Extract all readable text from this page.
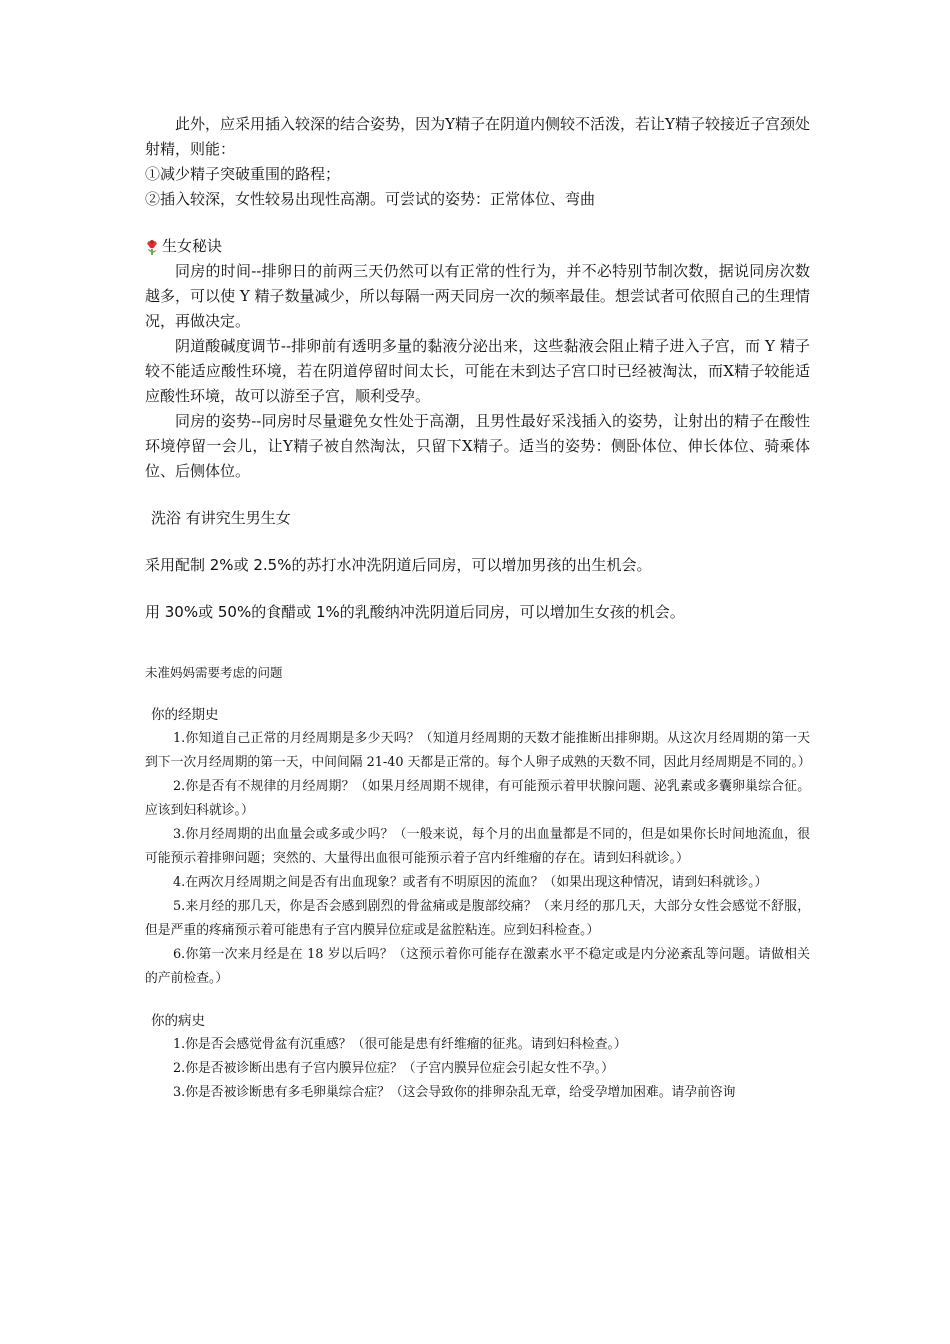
此外，应采用插入较深的结合姿势，因为Y精子在阴道内侧较不活泼，若让Y精子较接近子宫颈处射精，则能：

①减少精子突破重围的路程；

②插入较深，女性较易出现性高潮。可尝试的姿势：正常体位、弯曲

生女秘诀

同房的时间--排卵日的前两三天仍然可以有正常的性行为，并不必特别节制次数，据说同房次数越多，可以使 Y 精子数量减少，所以每隔一两天同房一次的频率最佳。想尝试者可依照自己的生理情况，再做决定。

阴道酸碱度调节--排卵前有透明多量的黏液分泌出来，这些黏液会阻止精子进入子宫，而 Y 精子较不能适应酸性环境，若在阴道停留时间太长，可能在未到达子宫口时已经被淘汰，而X精子较能适应酸性环境，故可以游至子宫，顺利受孕。

同房的姿势--同房时尽量避免女性处于高潮，且男性最好采浅插入的姿势，让射出的精子在酸性环境停留一会儿，让Y精子被自然淘汰，只留下X精子。适当的姿势：侧卧体位、伸长体位、骑乘体位、后侧体位。

洗浴 有讲究生男生女

采用配制 2%或 2.5%的苏打水冲洗阴道后同房，可以增加男孩的出生机会。

用 30%或 50%的食醋或 1%的乳酸纳冲洗阴道后同房，可以增加生女孩的机会。

未准妈妈需要考虑的问题

你的经期史

1.你知道自己正常的月经周期是多少天吗？（知道月经周期的天数才能推断出排卵期。从这次月经周期的第一天到下一次月经周期的第一天，中间间隔 21-40 天都是正常的。每个人卵子成熟的天数不同，因此月经周期是不同的。）

2.你是否有不规律的月经周期？（如果月经周期不规律，有可能预示着甲状腺问题、泌乳素或多囊卵巢综合征。应该到妇科就诊。）

3.你月经周期的出血量会或多或少吗？（一般来说，每个月的出血量都是不同的，但是如果你长时间地流血，很可能预示着排卵问题；突然的、大量得出血很可能预示着子宫内纤维瘤的存在。请到妇科就诊。）

4.在两次月经周期之间是否有出血现象？或者有不明原因的流血？（如果出现这种情况，请到妇科就诊。）

5.来月经的那几天，你是否会感到剧烈的骨盆痛或是腹部绞痛？（来月经的那几天，大部分女性会感觉不舒服，但是严重的疼痛预示着可能患有子宫内膜异位症或是盆腔粘连。应到妇科检查。）

6.你第一次来月经是在 18 岁以后吗？（这预示着你可能存在激素水平不稳定或是内分泌紊乱等问题。请做相关的产前检查。）

你的病史

1.你是否会感觉骨盆有沉重感？（很可能是患有纤维瘤的征兆。请到妇科检查。）

2.你是否被诊断出患有子宫内膜异位症？（子宫内膜异位症会引起女性不孕。）

3.你是否被诊断患有多毛卵巢综合症？（这会导致你的排卵杂乱无章，给受孕增加困难。请孕前咨询
